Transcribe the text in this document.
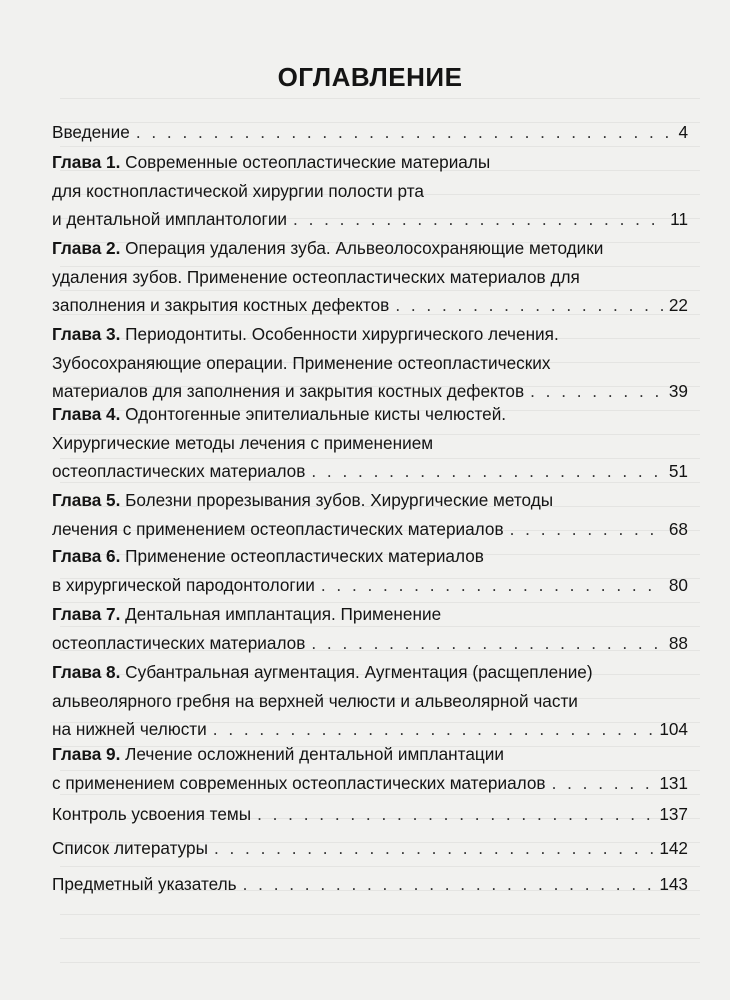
ОГЛАВЛЕНИЕ
Введение . . .	4
Глава 1. Современные остеопластические материалы
для костнопластической хирургии полости рта
и дентальной имплантологии . . .	11
Глава 2. Операция удаления зуба. Альвеолосохраняющие методики
удаления зубов. Применение остеопластических материалов для
заполнения и закрытия костных дефектов . . .	22
Глава 3. Периодонтиты. Особенности хирургического лечения.
Зубосохраняющие операции. Применение остеопластических
материалов для заполнения и закрытия костных дефектов . . .	39
Глава 4. Одонтогенные эпителиальные кисты челюстей.
Хирургические методы лечения с применением
остеопластических материалов . . .	51
Глава 5. Болезни прорезывания зубов. Хирургические методы
лечения с применением остеопластических материалов . . .	68
Глава 6. Применение остеопластических материалов
в хирургической пародонтологии . . .	80
Глава 7. Дентальная имплантация. Применение
остеопластических материалов . . .	88
Глава 8. Субантральная аугментация. Аугментация (расщепление)
альвеолярного гребня на верхней челюсти и альвеолярной части
на нижней челюсти . . .	104
Глава 9. Лечение осложнений дентальной имплантации
с применением современных остеопластических материалов . . .	131
Контроль усвоения темы . . .	137
Список литературы . . .	142
Предметный указатель . . .	143
